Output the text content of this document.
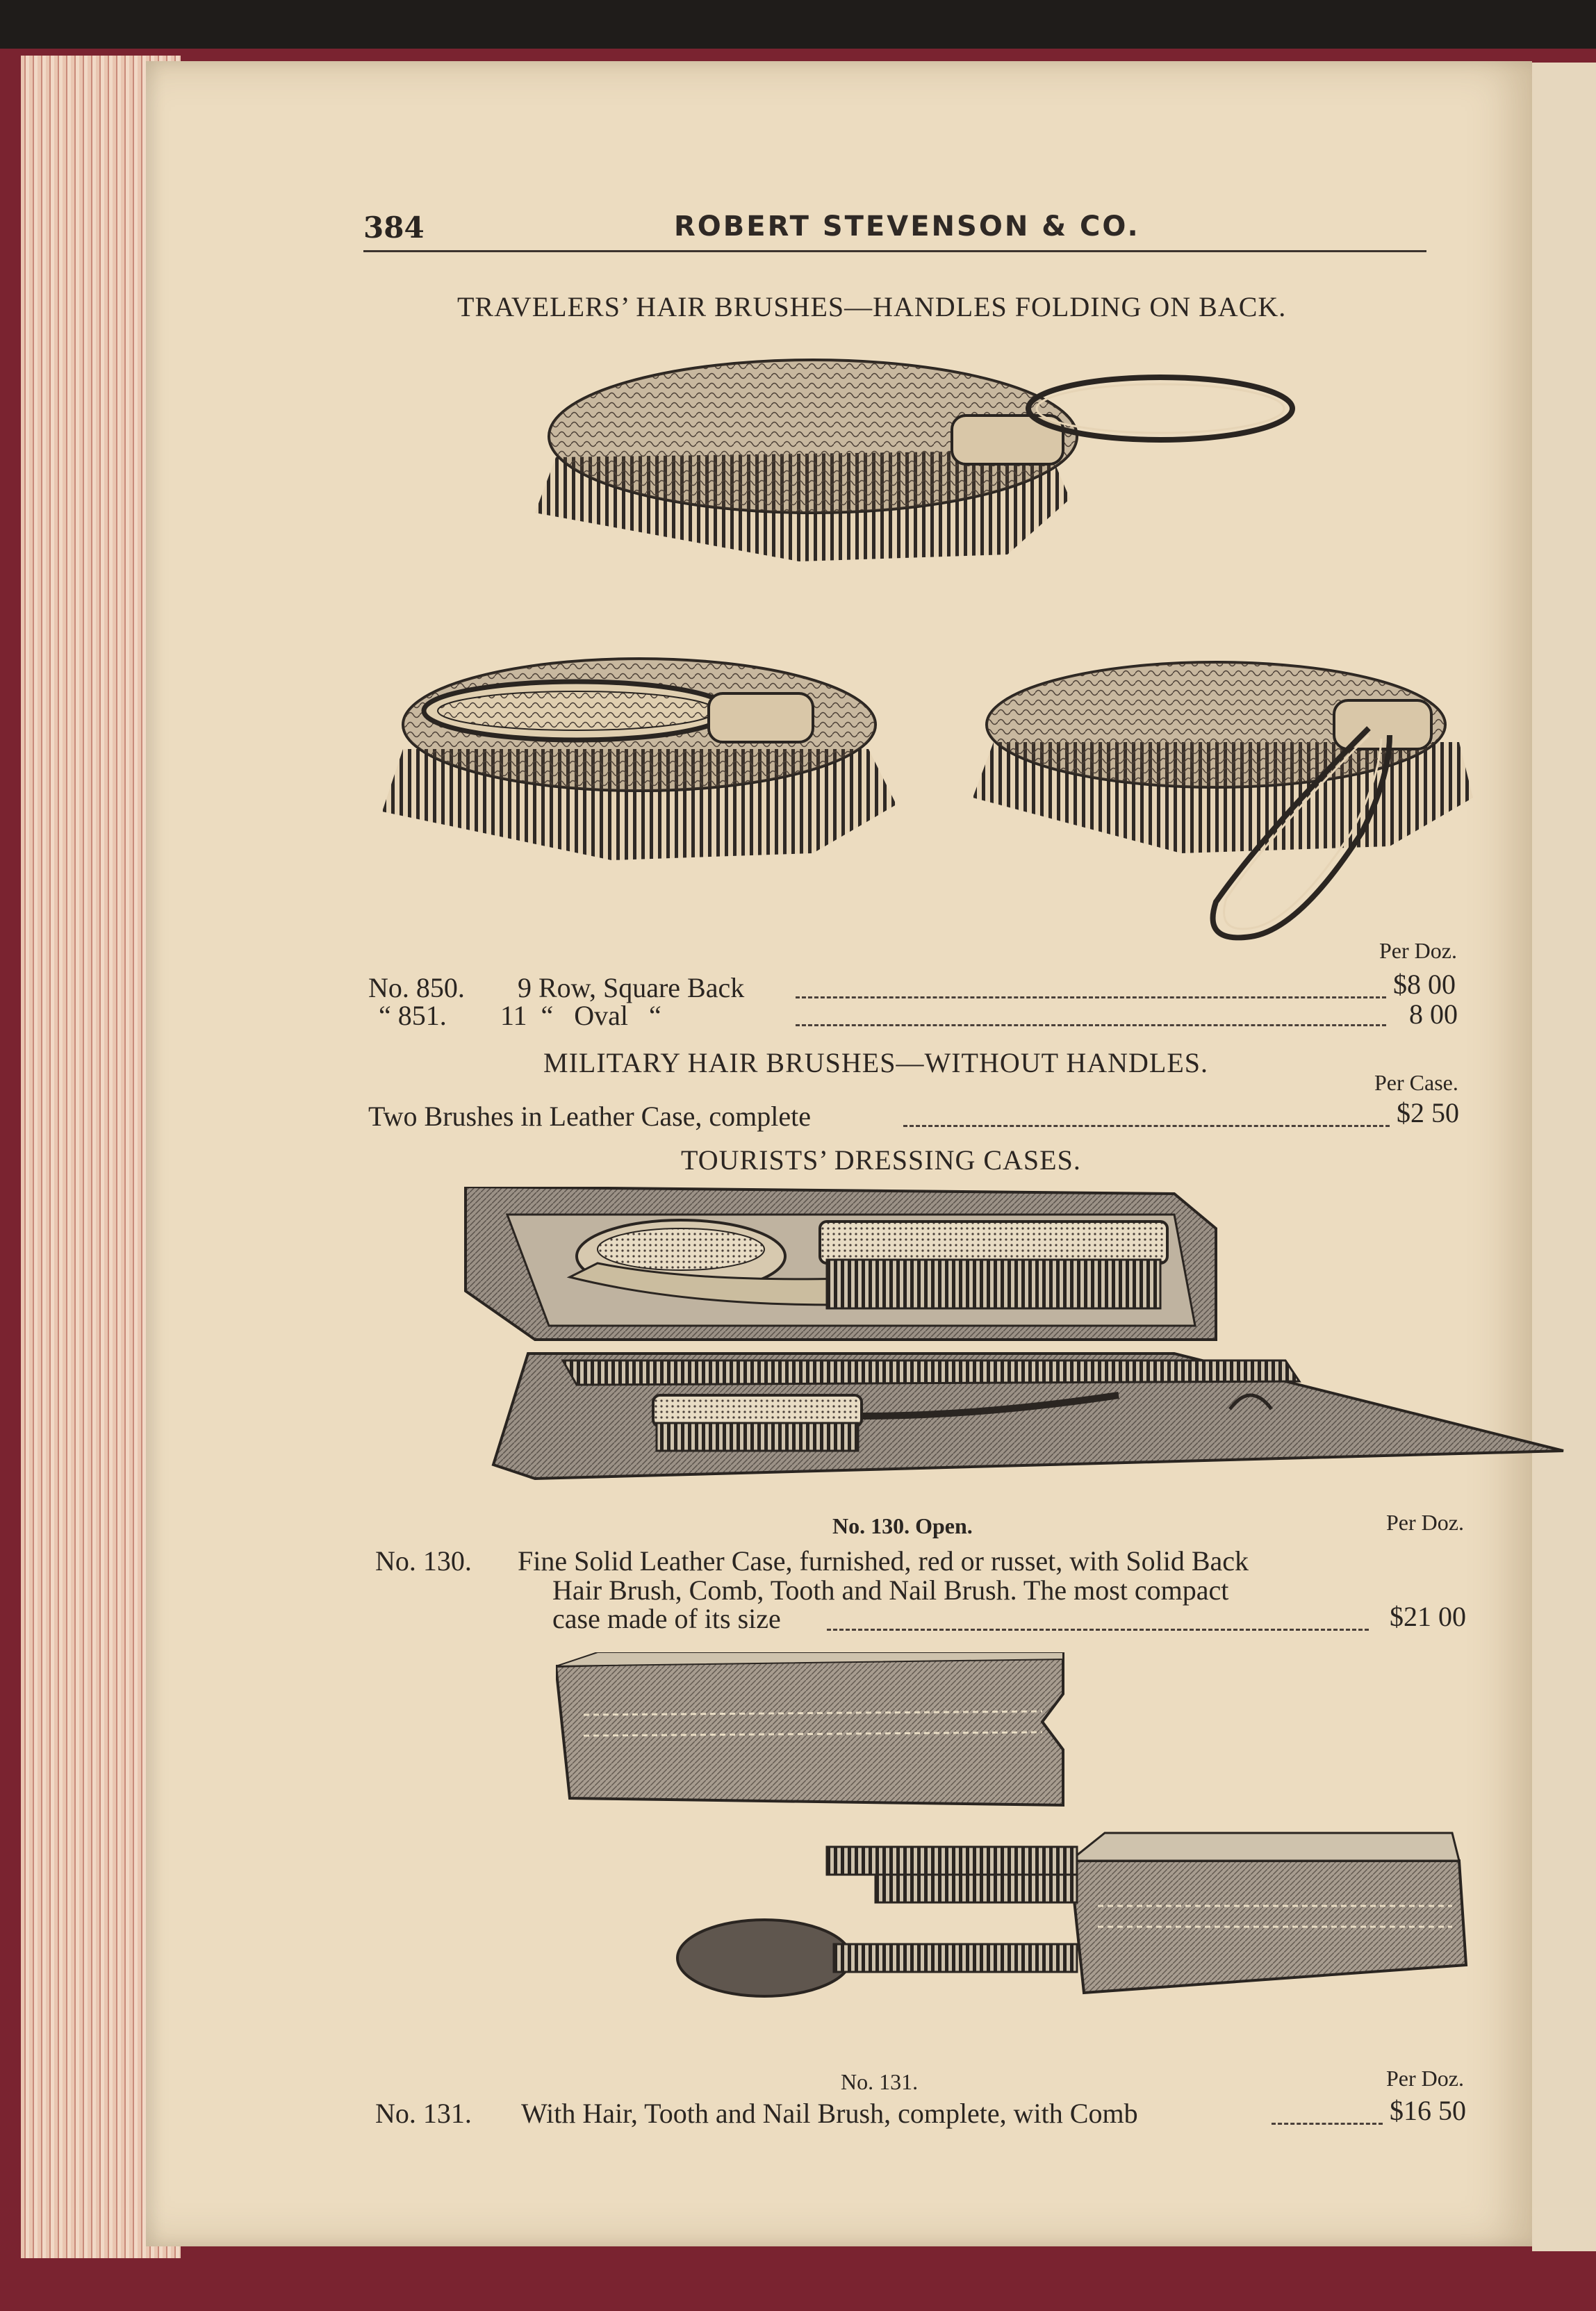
384	ROBERT STEVENSON & CO.
TRAVELERS’ HAIR BRUSHES—HANDLES FOLDING ON BACK.
Per Doz.
No. 850. 9 Row, Square Back	$8 00
“ 851. 11  “   Oval   “	8 00
MILITARY HAIR BRUSHES—WITHOUT HANDLES.
Per Case.
Two Brushes in Leather Case, complete	$2 50
TOURISTS’ DRESSING CASES.
No. 130. Open.	Per Doz.
No. 130. Fine Solid Leather Case, furnished, red or russet, with Solid Back
Hair Brush, Comb, Tooth and Nail Brush. The most compact
case made of its size	$21 00
No. 131.	Per Doz.
No. 131. With Hair, Tooth and Nail Brush, complete, with Comb	$16 50
